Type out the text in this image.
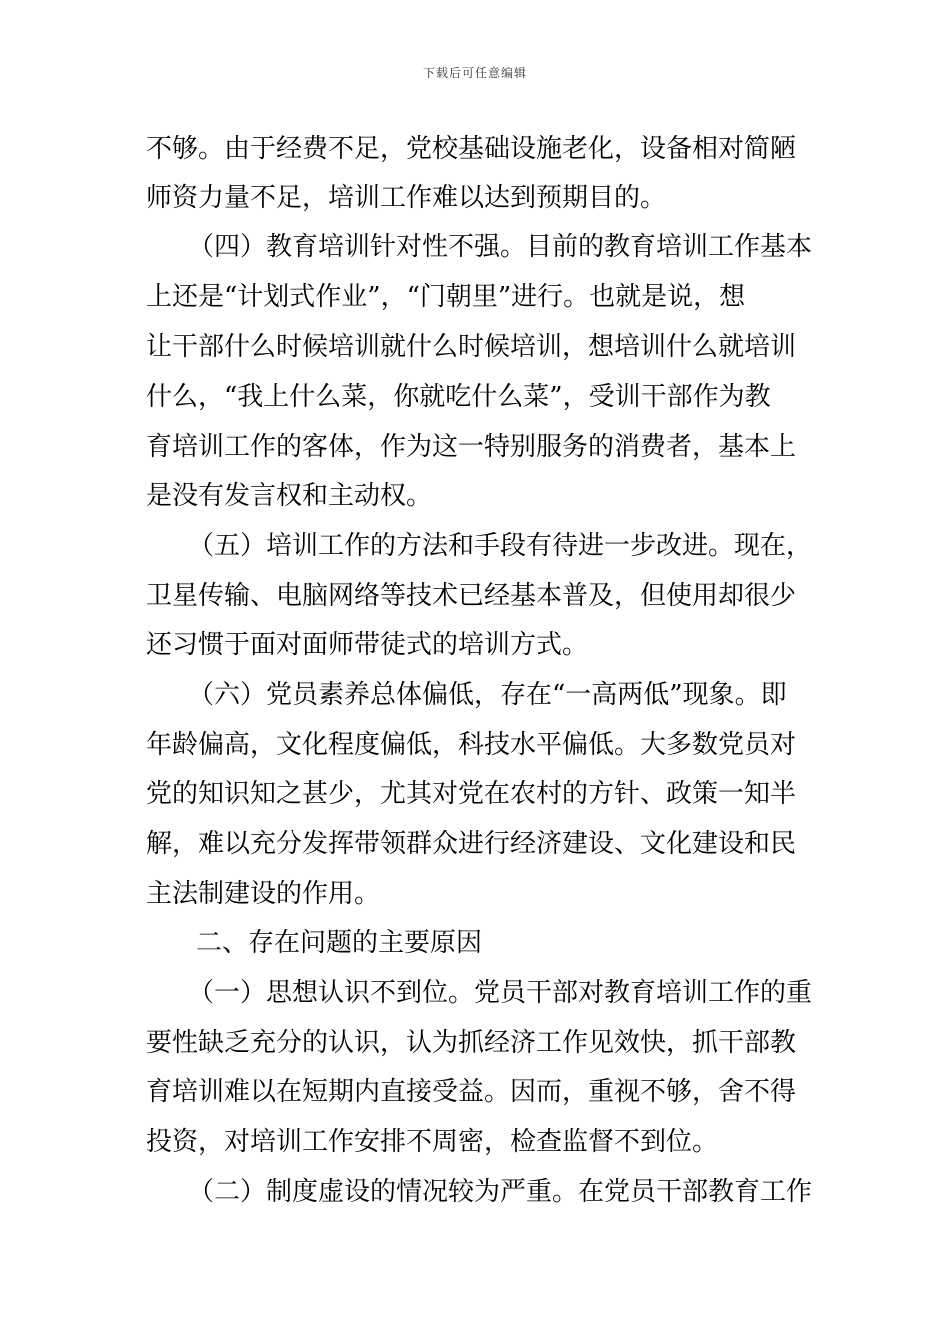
下载后可任意编辑
不够。由于经费不足，党校基础设施老化，设备相对简陋
师资力量不足，培训工作难以达到预期目的。
（四）教育培训针对性不强。目前的教育培训工作基本
上还是“计划式作业”，“门朝里”进行。也就是说，想
让干部什么时候培训就什么时候培训，想培训什么就培训
什么，“我上什么菜，你就吃什么菜”，受训干部作为教
育培训工作的客体，作为这一特别服务的消费者，基本上
是没有发言权和主动权。
（五）培训工作的方法和手段有待进一步改进。现在，
卫星传输、电脑网络等技术已经基本普及，但使用却很少
还习惯于面对面师带徒式的培训方式。
（六）党员素养总体偏低，存在“一高两低”现象。即
年龄偏高，文化程度偏低，科技水平偏低。大多数党员对
党的知识知之甚少，尤其对党在农村的方针、政策一知半
解，难以充分发挥带领群众进行经济建设、文化建设和民
主法制建设的作用。
二、存在问题的主要原因
（一）思想认识不到位。党员干部对教育培训工作的重
要性缺乏充分的认识，认为抓经济工作见效快，抓干部教
育培训难以在短期内直接受益。因而，重视不够，舍不得
投资，对培训工作安排不周密，检查监督不到位。
（二）制度虚设的情况较为严重。在党员干部教育工作
